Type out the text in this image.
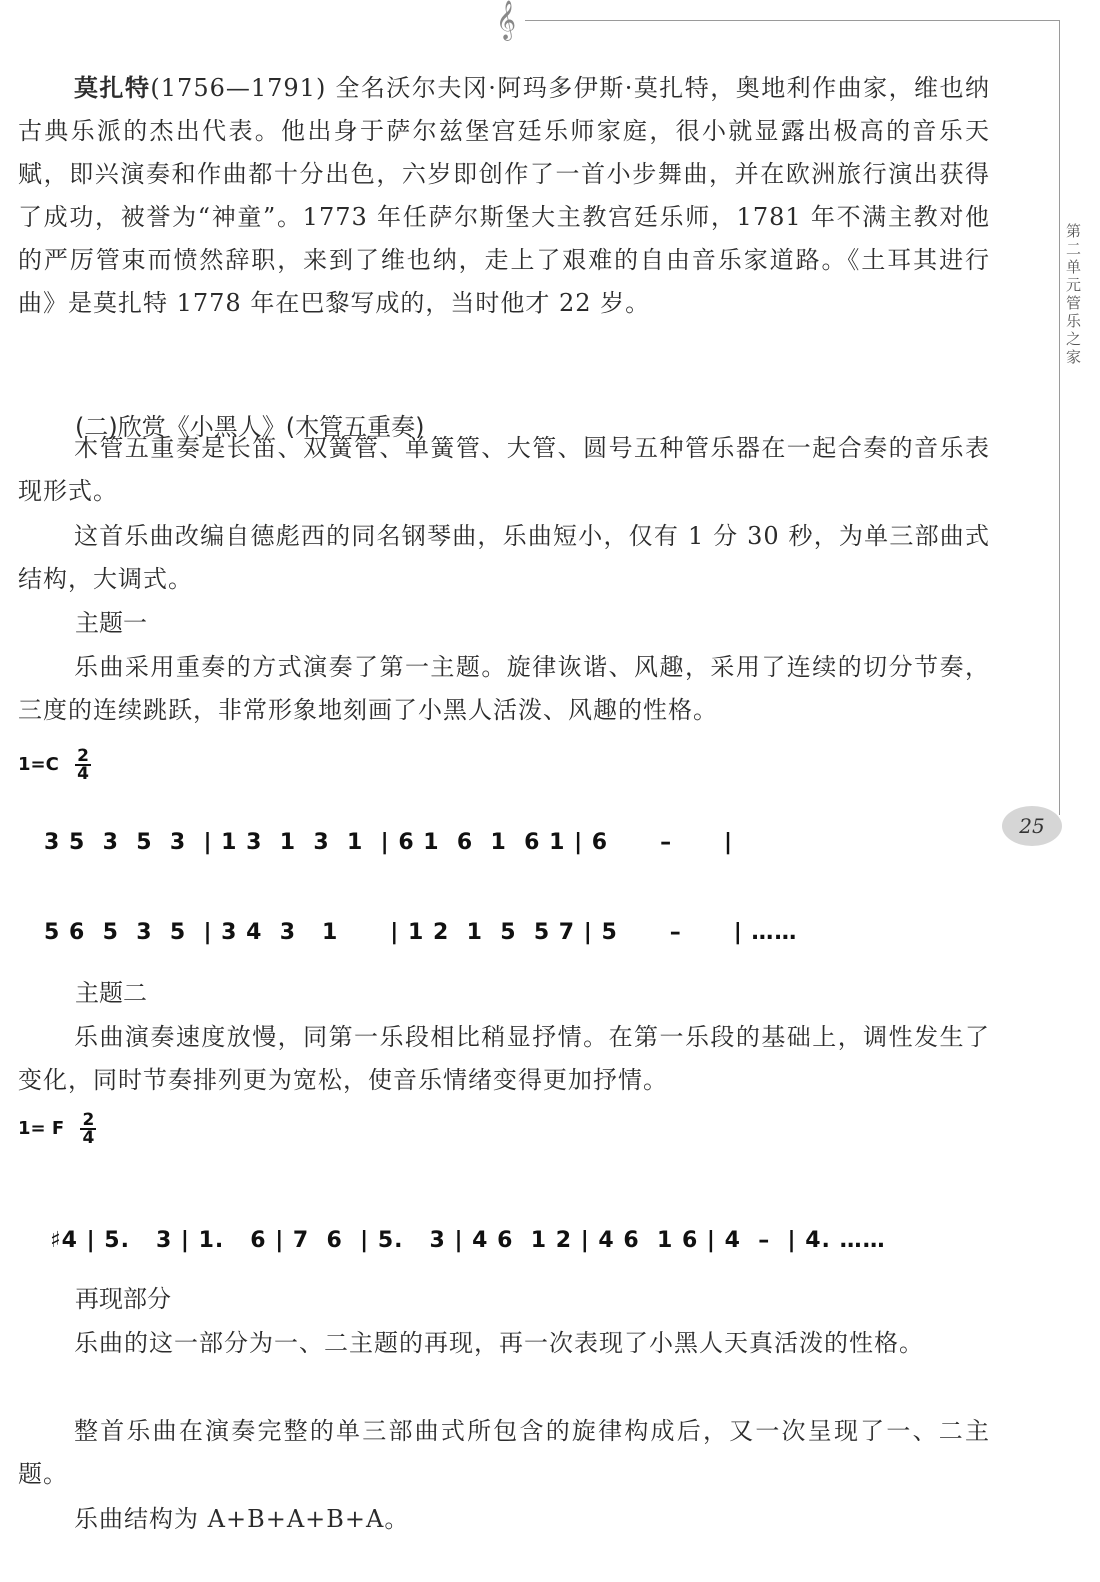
𝄞
第二单元 管乐之家
25

莫扎特(1756—1791) 全名沃尔夫冈·阿玛多伊斯·莫扎特，奥地利作曲家，维也纳古典乐派的杰出代表。他出身于萨尔兹堡宫廷乐师家庭，很小就显露出极高的音乐天赋，即兴演奏和作曲都十分出色，六岁即创作了一首小步舞曲，并在欧洲旅行演出获得了成功，被誉为“神童”。1773 年任萨尔斯堡大主教宫廷乐师，1781 年不满主教对他的严厉管束而愤然辞职，来到了维也纳，走上了艰难的自由音乐家道路。《土耳其进行曲》是莫扎特 1778 年在巴黎写成的，当时他才 22 岁。

(二)欣赏《小黑人》(木管五重奏)

木管五重奏是长笛、双簧管、单簧管、大管、圆号五种管乐器在一起合奏的音乐表现形式。

这首乐曲改编自德彪西的同名钢琴曲，乐曲短小，仅有 1 分 30 秒，为单三部曲式结构，大调式。

主题一

乐曲采用重奏的方式演奏了第一主题。旋律诙谐、风趣，采用了连续的切分节奏，三度的连续跳跃，非常形象地刻画了小黑人活泼、风趣的性格。

$1=C \frac{2}{4}$
3 5  3  5  3  | 1 3  1  3  1  | 6 1  6  1  6 1 | 6      –      |
5 6  5  3  5  | 3 4  3   1      | 1 2  1  5  5 7 | 5      –      | ……

主题二

乐曲演奏速度放慢，同第一乐段相比稍显抒情。在第一乐段的基础上，调性发生了变化，同时节奏排列更为宽松，使音乐情绪变得更加抒情。

1= F $\frac{2}{4}$
♯4 | 5.   3 | 1.   6 | 7  6  | 5.   3 | 4 6  1 2 | 4 6  1 6 | 4  –  | 4. ……

再现部分

乐曲的这一部分为一、二主题的再现，再一次表现了小黑人天真活泼的性格。

整首乐曲在演奏完整的单三部曲式所包含的旋律构成后，又一次呈现了一、二主题。

乐曲结构为 A+B+A+B+A。
